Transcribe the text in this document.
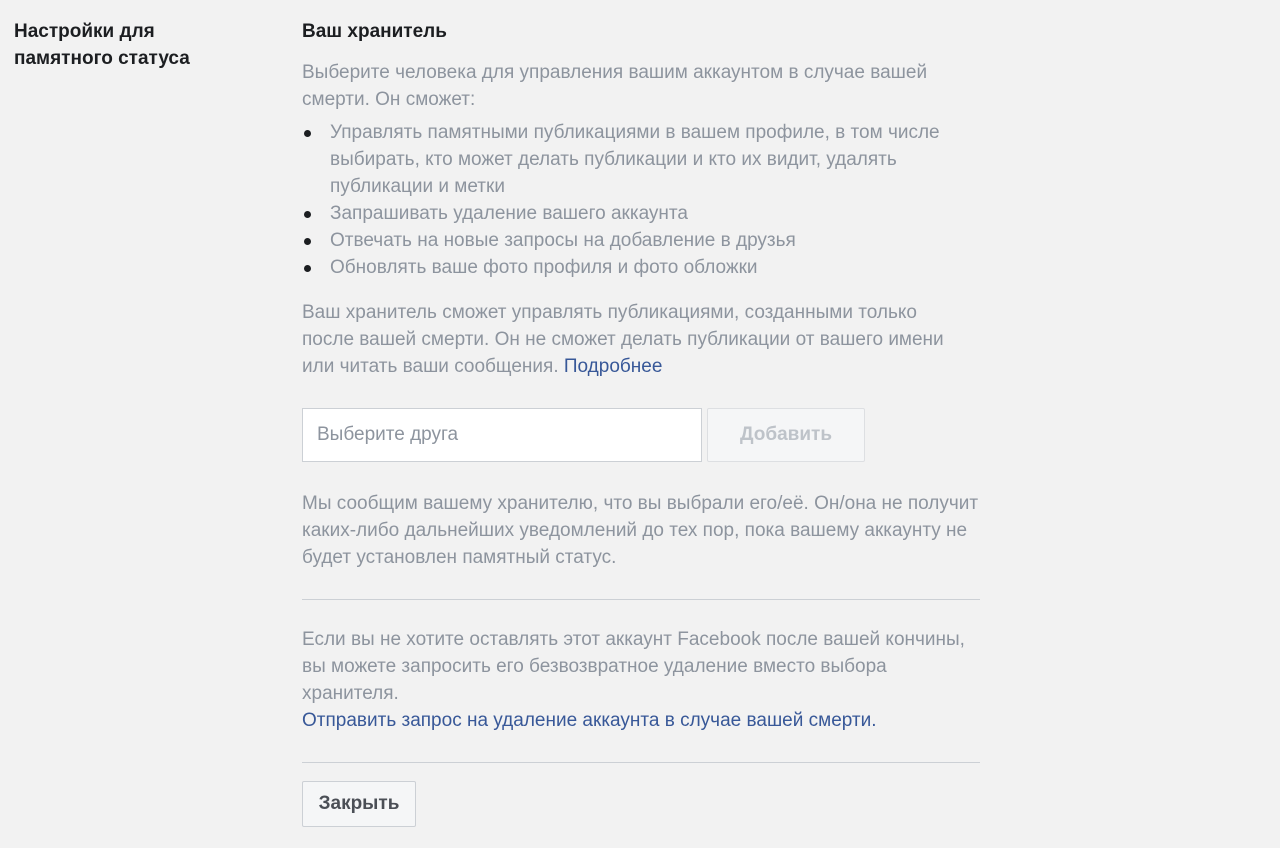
Настройки для памятного статуса
Ваш хранитель

Выберите человека для управления вашим аккаунтом в случае вашей смерти. Он сможет:

Управлять памятными публикациями в вашем профиле, в том числе выбирать, кто может делать публикации и кто их видит, удалять публикации и метки
Запрашивать удаление вашего аккаунта
Отвечать на новые запросы на добавление в друзья
Обновлять ваше фото профиля и фото обложки

Ваш хранитель сможет управлять публикациями, созданными только после вашей смерти. Он не сможет делать публикации от вашего имени или читать ваши сообщения. Подробнее

Выберите друга
Добавить

Мы сообщим вашему хранителю, что вы выбрали его/её. Он/она не получит каких-либо дальнейших уведомлений до тех пор, пока вашему аккаунту не будет установлен памятный статус.

Если вы не хотите оставлять этот аккаунт Facebook после вашей кончины, вы можете запросить его безвозвратное удаление вместо выбора хранителя.
Отправить запрос на удаление аккаунта в случае вашей смерти.

Закрыть
